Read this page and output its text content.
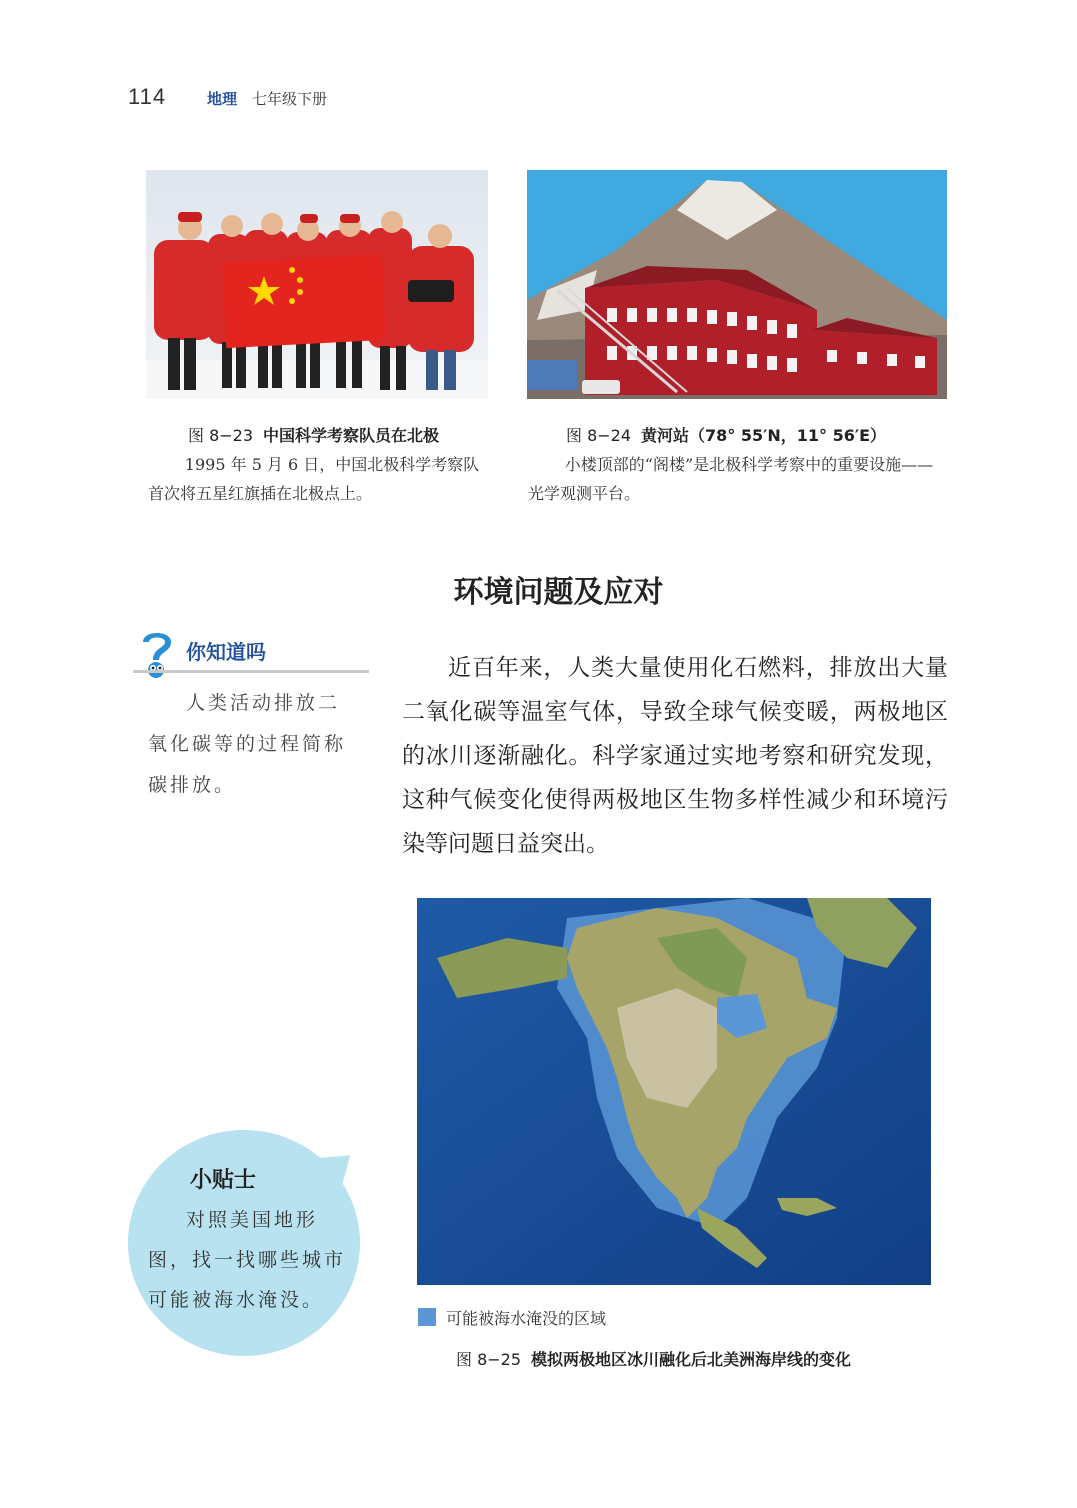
114	地理 七年级下册
图 8−23 中国科学考察队员在北极
1995 年 5 月 6 日，中国北极科学考察队首次将五星红旗插在北极点上。
图 8−24 黄河站（78° 55′N，11° 56′E）
小楼顶部的“阁楼”是北极科学考察中的重要设施——光学观测平台。
环境问题及应对
你知道吗
人类活动排放二氧化碳等的过程简称碳排放。
近百年来，人类大量使用化石燃料，排放出大量二氧化碳等温室气体，导致全球气候变暖，两极地区的冰川逐渐融化。科学家通过实地考察和研究发现，这种气候变化使得两极地区生物多样性减少和环境污染等问题日益突出。
小贴士
对照美国地形图，找一找哪些城市可能被海水淹没。
可能被海水淹没的区域
图 8−25 模拟两极地区冰川融化后北美洲海岸线的变化
